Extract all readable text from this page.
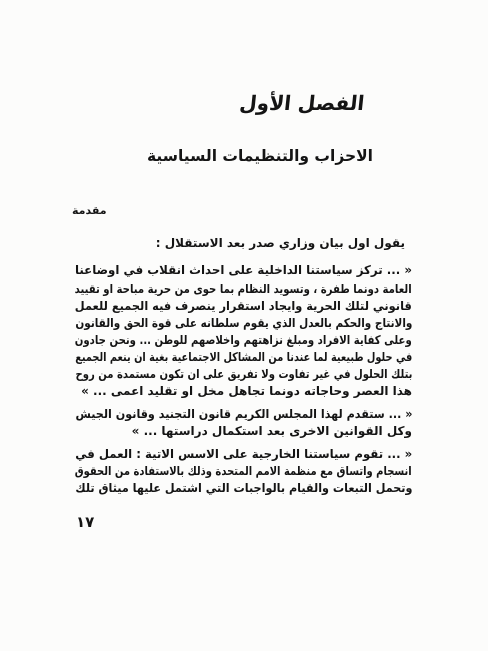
الفصل الأول
الاحزاب والتنظيمات السياسية
مقدمة
يقول اول بيان وزاري صدر بعد الاستقلال :
« ... تركز سياستنا الداخلية على احداث انقلاب في اوضاعنا
العامة دونما طفرة ، وتسويد النظام بما حوى من حرية مباحة او تقييد
قانوني لتلك الحرية وايجاد استقرار ينصرف فيه الجميع للعمل
والانتاج والحكم بالعدل الذي يقوم سلطانه على قوة الحق والقانون
وعلى كفاية الافراد ومبلغ نزاهتهم واخلاصهم للوطن ... ونحن جادون
في حلول طبيعية لما عندنا من المشاكل الاجتماعية بغية ان ينعم الجميع
بتلك الحلول في غير تفاوت ولا تفريق على ان تكون مستمدة من روح
هذا العصر وحاجاته دونما تجاهل مخل او تقليد اعمى ... »
« ... ستقدم لهذا المجلس الكريم قانون التجنيد وقانون الجيش
وكل القوانين الاخرى بعد استكمال دراستها ... »
« ... تقوم سياستنا الخارجية على الاسس الاتية : العمل في
انسجام واتساق مع منظمة الامم المتحدة وذلك بالاستفادة من الحقوق
وتحمل التبعات والقيام بالواجبات التي اشتمل عليها ميثاق تلك
١٧
